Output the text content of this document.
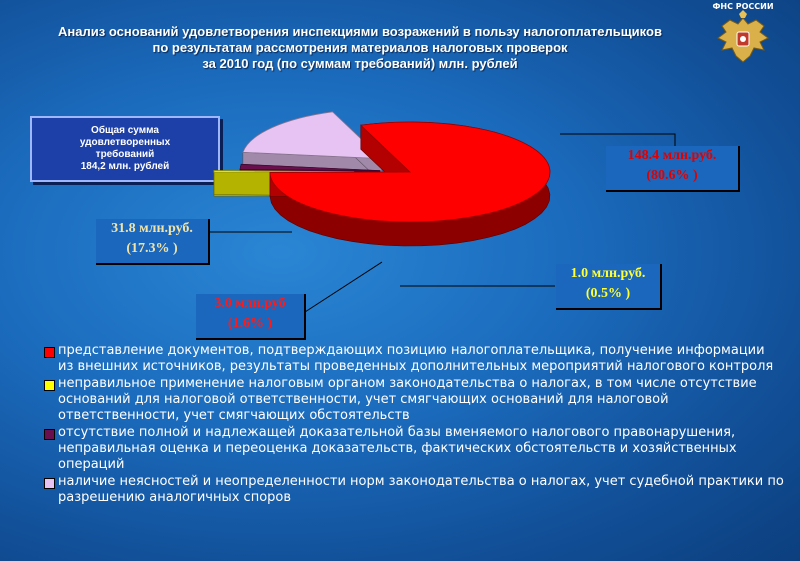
Анализ оснований удовлетворения инспекциями возражений в пользу налогоплательщиков
по результатам рассмотрения материалов налоговых проверок
за 2010 год (по суммам требований) млн. рублей
ФНС РОССИИ
Общая сумма
удовлетворенных
требований
184,2 млн. рублей
148.4 млн.руб.
(80.6% )
31.8 млн.руб.
(17.3% )
1.0 млн.руб.
(0.5% )
3.0 млн.руб
(1.6% )
представление документов, подтверждающих позицию налогоплательщика, получение информации из внешних источников, результаты проведенных дополнительных мероприятий налогового контроля
неправильное применение налоговым органом законодательства о налогах, в том числе отсутствие оснований для налоговой ответственности, учет смягчающих оснований для налоговой ответственности, учет смягчающих обстоятельств
отсутствие полной и надлежащей доказательной базы вменяемого налогового правонарушения, неправильная оценка и переоценка доказательств, фактических обстоятельств и хозяйственных операций
наличие неясностей и неопределенности норм законодательства о налогах, учет судебной практики по разрешению аналогичных споров
